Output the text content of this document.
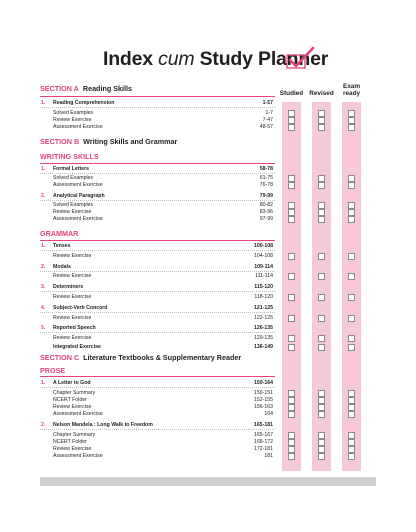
Index cum Study Planner
Studied Revised
Exam
ready
SECTION A Reading Skills
1. Reading Comprehension	1-57
Solved Examples	1-7
Review Exercise	7-47
Assessment Exercise	48-57
SECTION B Writing Skills and Grammar
WRITING SKILLS
1. Formal Letters	58-78
Solved Examples	61-75
Assessment Exercise	76-78
2. Analytical Paragraph	79-99
Solved Examples	80-82
Review Exercise	83-96
Assessment Exercise	97-99
GRAMMAR
1. Tenses	100-108
Review Exercise	104-108
2. Modals	109-114
Review Exercise	111-114
3. Determiners	115-120
Review Exercise	118-120
4. Subject-Verb Concord	121-125
Review Exercise	122-125
5. Reported Speech	126-135
Review Exercise	129-135
Integrated Exercise	136-149
SECTION C Literature Textbooks & Supplementary Reader
PROSE
1. A Letter to God	150-164
Chapter Summary	150-151
NCERT Folder	152-155
Review Exercise	156-163
Assessment Exercise	164
2. Nelson Mandela : Long Walk to Freedom	165-181
Chapter Summary	165-167
NCERT Folder	168-172
Review Exercise	172-181
Assessment Exercise	181
